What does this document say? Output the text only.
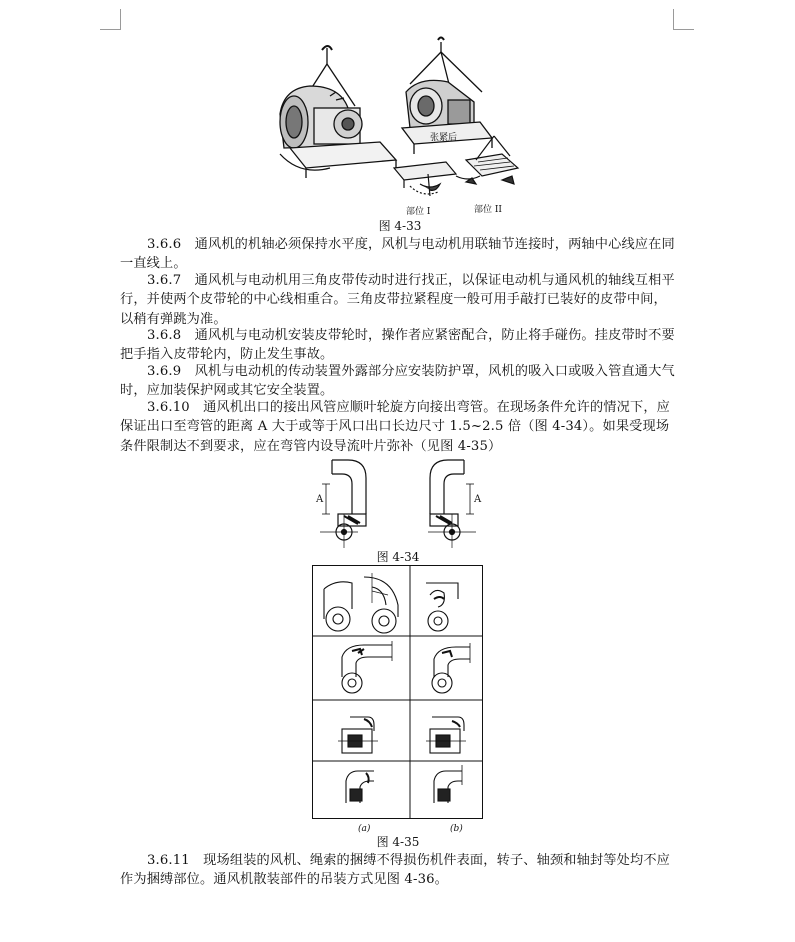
张紧后
部位 I	部位 II
图 4-33

3.6.6　通风机的机轴必须保持水平度，风机与电动机用联轴节连接时，两轴中心线应在同一直线上。

3.6.7　通风机与电动机用三角皮带传动时进行找正，以保证电动机与通风机的轴线互相平行，并使两个皮带轮的中心线相重合。三角皮带拉紧程度一般可用手敲打已装好的皮带中间，以稍有弹跳为准。

3.6.8　通风机与电动机安装皮带轮时，操作者应紧密配合，防止将手碰伤。挂皮带时不要把手指入皮带轮内，防止发生事故。

3.6.9　风机与电动机的传动装置外露部分应安装防护罩，风机的吸入口或吸入管直通大气时，应加装保护网或其它安全装置。

3.6.10　通风机出口的接出风管应顺叶轮旋方向接出弯管。在现场条件允许的情况下，应保证出口至弯管的距离 A 大于或等于风口出口长边尺寸 1.5~2.5 倍（图 4-34）。如果受现场条件限制达不到要求，应在弯管内设导流叶片弥补（见图 4-35）

A	A
图 4-34
(a)	(b)
图 4-35

3.6.11　现场组装的风机、绳索的捆缚不得损伤机件表面，转子、轴颈和轴封等处均不应作为捆缚部位。通风机散装部件的吊装方式见图 4-36。
